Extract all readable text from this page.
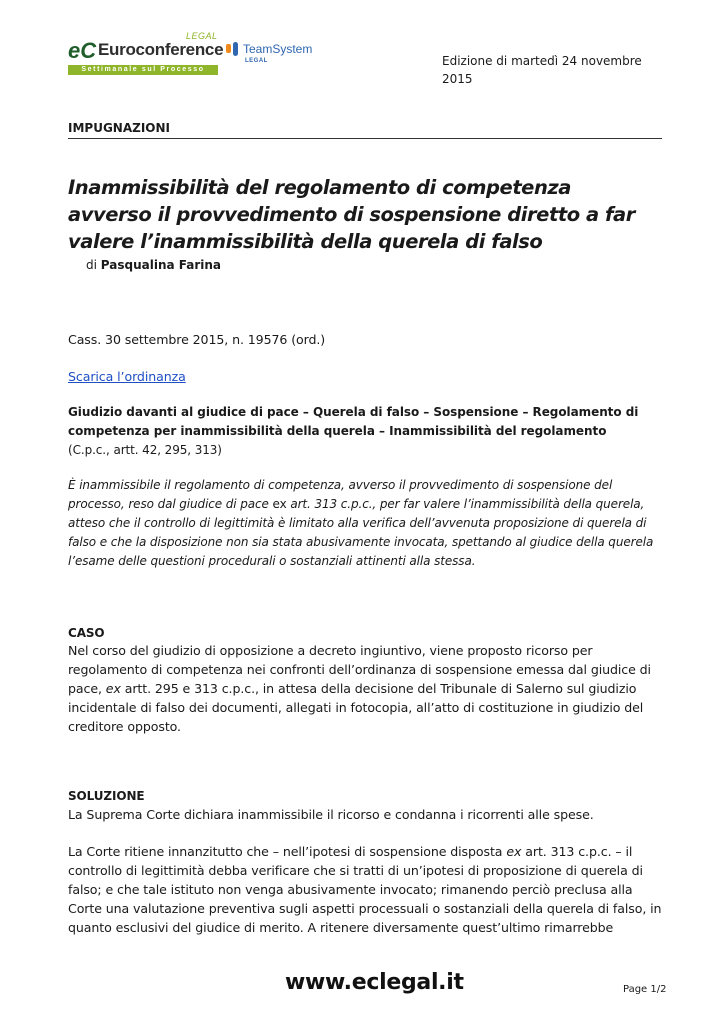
eC Euroconference
Settimanale sul Processo Civile
LEGAL
TeamSystem
LEGAL	Edizione di martedì 24 novembre
2015
IMPUGNAZIONI
Inammissibilità del regolamento di competenza avverso il provvedimento di sospensione diretto a far valere l’inammissibilità della querela di falso
di Pasqualina Farina

Cass. 30 settembre 2015, n. 19576 (ord.)

Scarica l’ordinanza

Giudizio davanti al giudice di pace – Querela di falso – Sospensione – Regolamento di competenza per inammissibilità della querela – Inammissibilità del regolamento

(C.p.c., artt. 42, 295, 313)

È inammissibile il regolamento di competenza, avverso il provvedimento di sospensione del processo, reso dal giudice di pace ex art. 313 c.p.c., per far valere l’inammissibilità della querela, atteso che il controllo di legittimità è limitato alla verifica dell’avvenuta proposizione di querela di falso e che la disposizione non sia stata abusivamente invocata, spettando al giudice della querela l’esame delle questioni procedurali o sostanziali attinenti alla stessa.

CASO

Nel corso del giudizio di opposizione a decreto ingiuntivo, viene proposto ricorso per regolamento di competenza nei confronti dell’ordinanza di sospensione emessa dal giudice di pace, ex artt. 295 e 313 c.p.c., in attesa della decisione del Tribunale di Salerno sul giudizio incidentale di falso dei documenti, allegati in fotocopia, all’atto di costituzione in giudizio del creditore opposto.

SOLUZIONE

La Suprema Corte dichiara inammissibile il ricorso e condanna i ricorrenti alle spese.

La Corte ritiene innanzitutto che – nell’ipotesi di sospensione disposta ex art. 313 c.p.c. – il controllo di legittimità debba verificare che si tratti di un’ipotesi di proposizione di querela di falso; e che tale istituto non venga abusivamente invocato; rimanendo perciò preclusa alla Corte una valutazione preventiva sugli aspetti processuali o sostanziali della querela di falso, in quanto esclusivi del giudice di merito. A ritenere diversamente quest’ultimo rimarrebbe

www.eclegal.it	Page 1/2
